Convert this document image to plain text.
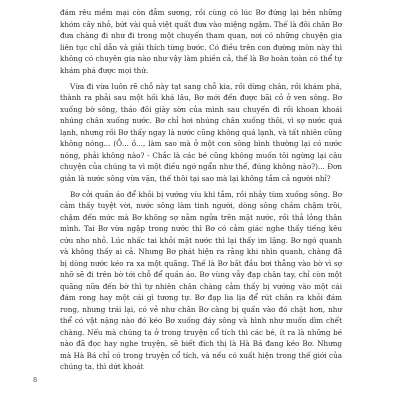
đám rêu mềm mại còn đẫm sương, rồi cùng có lúc Bơ đứng lại bên những khóm cây nhỏ, bứt vài quả việt quất đưa vào miệng ngậm. Thế là đôi chân Bơ đưa chàng đi như đi trong một chuyến tham quan, nơi có những chuyện gia liên tục chỉ dẫn và giải thích từng bước. Có điều trên con đường mòn này thì không có chuyên gia nào như vậy làm phiền cả, thế là Bơ hoàn toàn có thể tự khám phá được mọi thứ.

Vừa đi vừa luôn rẽ chỗ này tạt sang chỗ kia, rồi dừng chân, rồi khám phá, thành ra phải sau một hồi khá lâu, Bơ mới đến được bãi cỏ ở ven sông. Bơ xuống bờ sông, tháo đôi giày sờn của mình sau chuyến đi rồi khoan khoái nhúng chân xuống nước. Bơ chỉ hơi nhúng chân xuống thôi, vì sợ nước quá lạnh, nhưng rồi Bơ thấy ngay là nước cũng không quá lạnh, và tất nhiên cũng không nóng... (Ồ... ồ..., làm sao mà ở một con sông bình thường lại có nước nóng, phải không nào? - Chắc là các bé cũng không muốn tôi ngừng lại câu chuyện của chúng ta vì một điều ngớ ngẩn như thế, đúng không nào?)... Đơn giản là nước sông vừa vặn, thế thôi tại sao mà lại không tắm cả người nhỉ?

Bơ cởi quần áo để khỏi bị vướng víu khi tắm, rồi nhảy tùm xuống sông. Bơ cảm thấy tuyệt vời, nước sông làm tinh người, dòng sông chầm chậm trôi, chậm đến mức mà Bơ không sợ nằm ngửa trên mặt nước, rồi thả lỏng thân mình. Tai Bơ vừa ngập trong nước thì Bơ có cảm giác nghe thấy tiếng kêu cứu nho nhỏ. Lúc nhấc tai khỏi mặt nước thì lại thấy im lặng. Bơ ngó quanh và không thấy ai cả. Nhưng Bơ phát hiện ra rằng khi nhìn quanh, chàng đã bị dòng nước kéo ra xa một quãng. Thế là Bơ bắt đầu bơi thẳng vào bờ vì sợ nhỡ sẽ đi trên bờ tới chỗ để quần áo. Bơ vùng vẫy đạp chân tay, chỉ còn một quãng nữa đến bờ thì tự nhiên chân chàng cảm thấy bị vướng vào một cái đám rong hay một cái gì tương tự. Bơ đạp lia lịa để rút chân ra khỏi đám rong, nhưng trái lại, có vẻ như chân Bơ càng bị quấn vào đó chặt hơn, như thể có vật nặng nào đó kéo Bơ xuống đáy sông và hình như muốn dìm chết chàng. Nếu mà chúng ta ở trong truyện cổ tích thì các bé, ít ra là những bé nào đã đọc hay nghe truyện, sẽ biết đích thị là Hà Bá đang kéo Bơ. Nhưng mà Hà Bá chỉ có trong truyện cổ tích, và nếu có xuất hiện trong thế giới của chúng ta, thì dứt khoát

8
